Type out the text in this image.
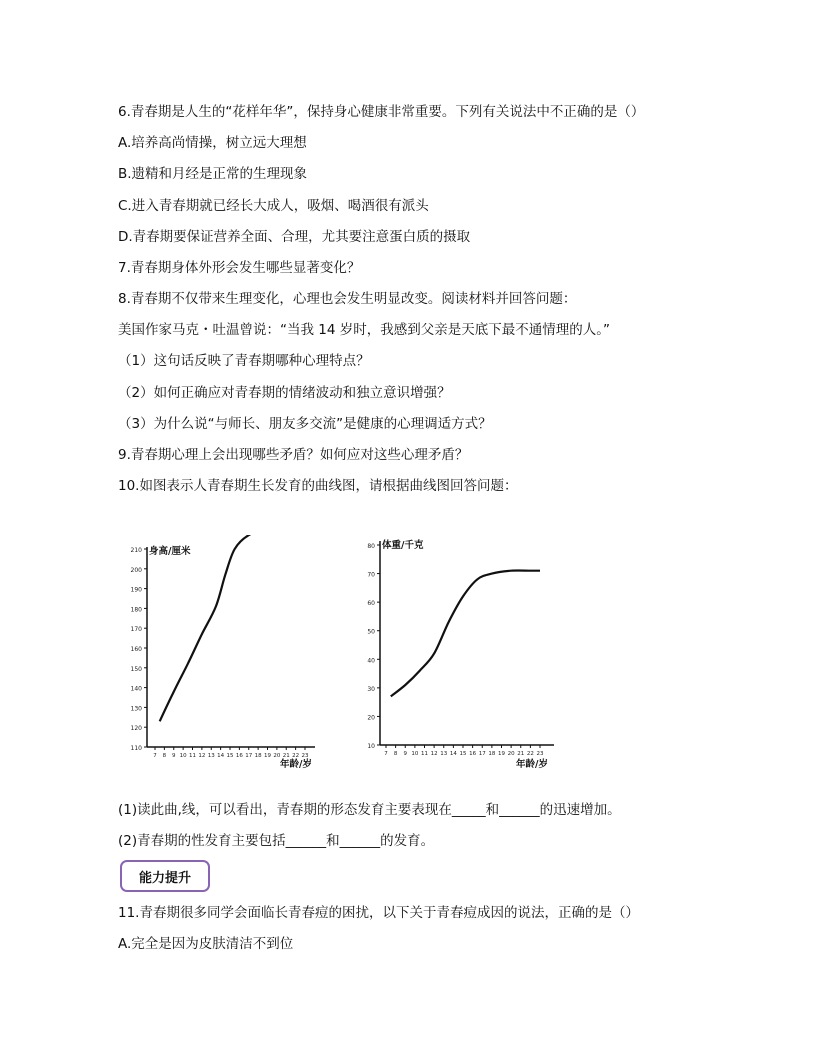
6.青春期是人生的“花样年华”，保持身心健康非常重要。下列有关说法中不正确的是（）
A.培养高尚情操，树立远大理想
B.遗精和月经是正常的生理现象
C.进入青春期就已经长大成人，吸烟、喝酒很有派头
D.青春期要保证营养全面、合理，尤其要注意蛋白质的摄取
7.青春期身体外形会发生哪些显著变化？
8.青春期不仅带来生理变化，心理也会发生明显改变。阅读材料并回答问题：
美国作家马克・吐温曾说：“当我 14 岁时，我感到父亲是天底下最不通情理的人。”
（1）这句话反映了青春期哪种心理特点？
（2）如何正确应对青春期的情绪波动和独立意识增强？
（3）为什么说“与师长、朋友多交流”是健康的心理调适方式？
9.青春期心理上会出现哪些矛盾？如何应对这些心理矛盾？
10.如图表示人青春期生长发育的曲线图，请根据曲线图回答问题：
身高/厘米
110
120
130
140
150
160
170
180
190
200
210
7 8 9 10 11 12 13 14 15 16 17 18 19 20 21 22 23
年龄/岁
体重/千克
10
20
30
40
50
60
70
80
7 8 9 10 11 12 13 14 15 16 17 18 19 20 21 22 23
年龄/岁
(1)读此曲,线，可以看出，青春期的形态发育主要表现在_____和______的迅速增加。
(2)青春期的性发育主要包括______和______的发育。
能力提升
11.青春期很多同学会面临长青春痘的困扰，以下关于青春痘成因的说法，正确的是（）
A.完全是因为皮肤清洁不到位
